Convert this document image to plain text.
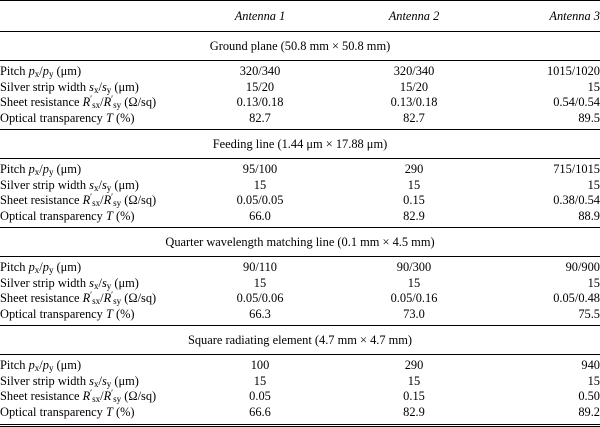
	Antenna 1	Antenna 2	Antenna 3
Ground plane (50.8 mm × 50.8 mm)			

Pitch $p_x/p_y$ (μm)	320/340	320/340	1015/1020
Silver strip width $s_x/s_y$ (μm)	15/20	15/20	15
Sheet resistance $R'_{sx}/R'_{sy}$ (Ω/sq)	0.13/0.18	0.13/0.18	0.54/0.54
Optical transparency T (%)	82.7	82.7	89.5

Feeding line (1.44 μm × 17.88 μm)			

Pitch $p_x/p_y$ (μm)	95/100	290	715/1015
Silver strip width $s_x/s_y$ (μm)	15	15	15
Sheet resistance $R'_{sx}/R'_{sy}$ (Ω/sq)	0.05/0.05	0.15	0.38/0.54
Optical transparency T (%)	66.0	82.9	88.9

Quarter wavelength matching line (0.1 mm × 4.5 mm)			

Pitch $p_x/p_y$ (μm)	90/110	90/300	90/900
Silver strip width $s_x/s_y$ (μm)	15	15	15
Sheet resistance $R'_{sx}/R'_{sy}$ (Ω/sq)	0.05/0.06	0.05/0.16	0.05/0.48
Optical transparency T (%)	66.3	73.0	75.5

Square radiating element (4.7 mm × 4.7 mm)			

Pitch $p_x/p_y$ (μm)	100	290	940
Silver strip width $s_x/s_y$ (μm)	15	15	15
Sheet resistance $R'_{sx}/R'_{sy}$ (Ω/sq)	0.05	0.15	0.50
Optical transparency T (%)	66.6	82.9	89.2
